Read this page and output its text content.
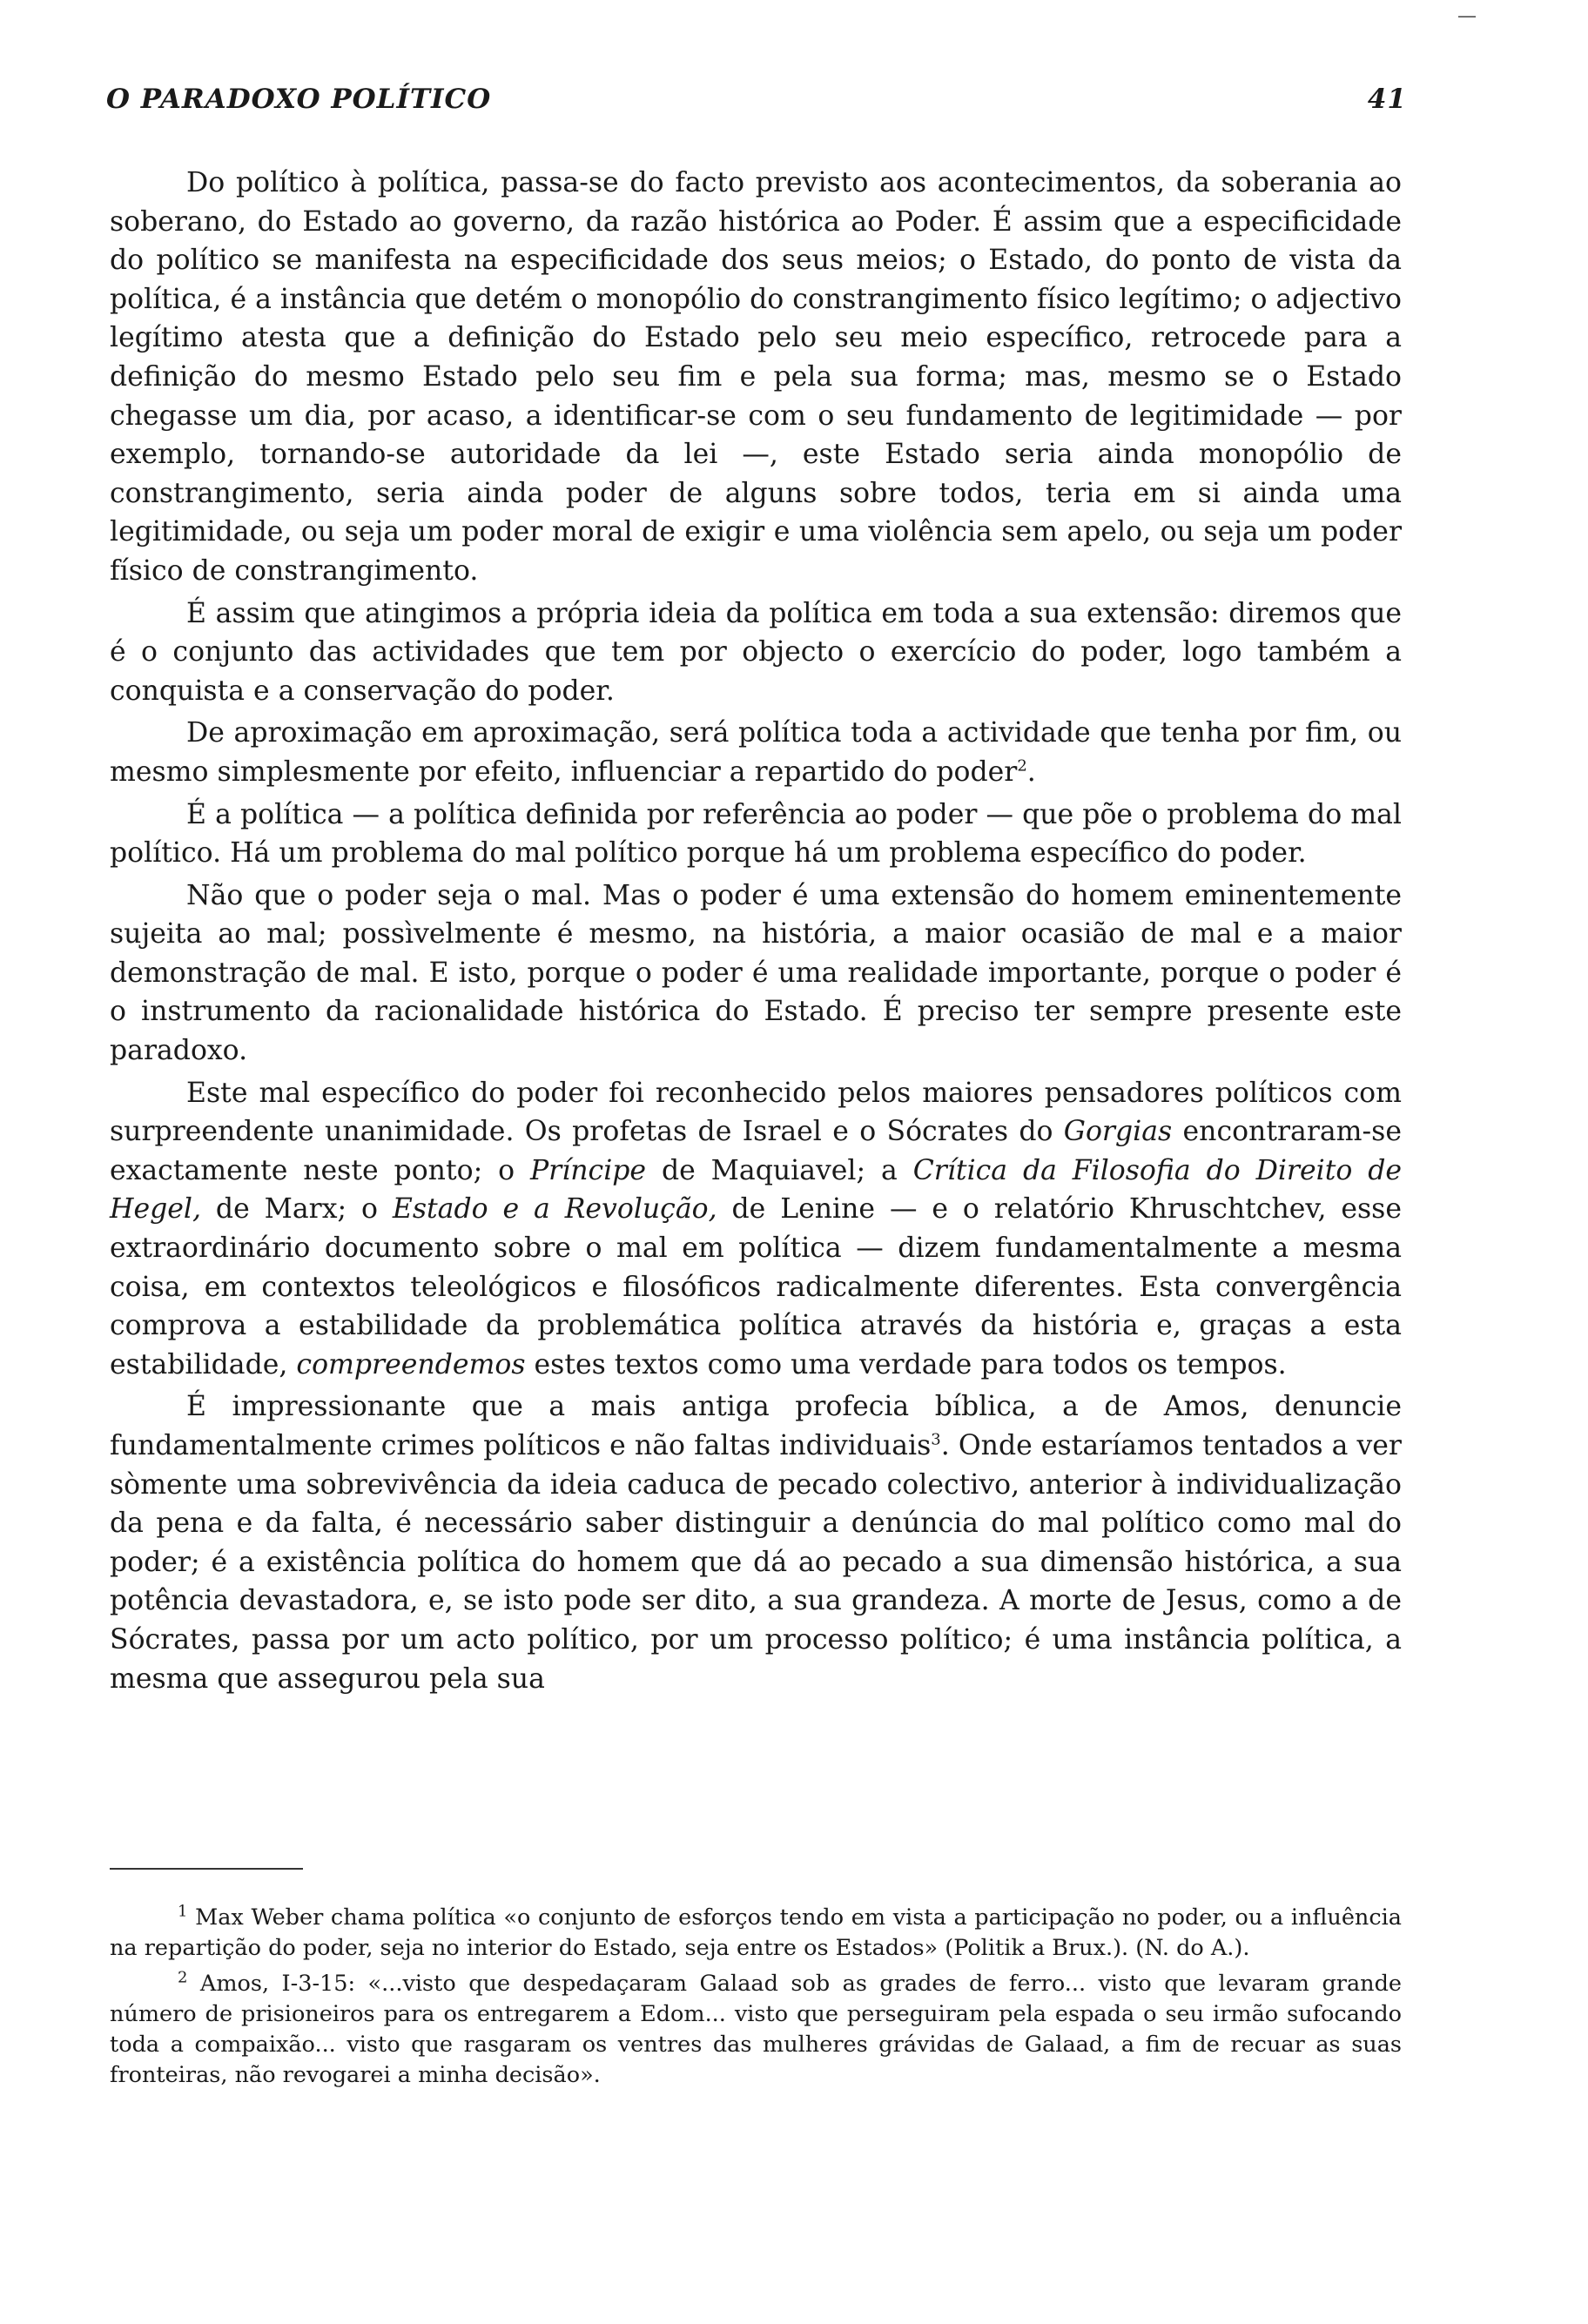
—
O PARADOXO POLÍTICO	41

Do político à política, passa-se do facto previsto aos acontecimentos, da soberania ao soberano, do Estado ao governo, da razão histórica ao Poder. É assim que a especificidade do político se manifesta na especificidade dos seus meios; o Estado, do ponto de vista da política, é a instância que detém o monopólio do constrangimento físico legítimo; o adjectivo legítimo atesta que a definição do Estado pelo seu meio específico, retrocede para a definição do mesmo Estado pelo seu fim e pela sua forma; mas, mesmo se o Estado chegasse um dia, por acaso, a identificar-se com o seu fundamento de legitimidade — por exemplo, tornando-se autoridade da lei —, este Estado seria ainda monopólio de constrangimento, seria ainda poder de alguns sobre todos, teria em si ainda uma legitimidade, ou seja um poder moral de exigir e uma violência sem apelo, ou seja um poder físico de constrangimento.

É assim que atingimos a própria ideia da política em toda a sua extensão: diremos que é o conjunto das actividades que tem por objecto o exercício do poder, logo também a conquista e a conservação do poder.

De aproximação em aproximação, será política toda a actividade que tenha por fim, ou mesmo simplesmente por efeito, influenciar a repartido do poder$^2$.

É a política — a política definida por referência ao poder — que põe o problema do mal político. Há um problema do mal político porque há um problema específico do poder.

Não que o poder seja o mal. Mas o poder é uma extensão do homem eminentemente sujeita ao mal; possìvelmente é mesmo, na história, a maior ocasião de mal e a maior demonstração de mal. E isto, porque o poder é uma realidade importante, porque o poder é o instrumento da racionalidade histórica do Estado. É preciso ter sempre presente este paradoxo.

Este mal específico do poder foi reconhecido pelos maiores pensadores políticos com surpreendente unanimidade. Os profetas de Israel e o Sócrates do Gorgias encontraram-se exactamente neste ponto; o Príncipe de Maquiavel; a Crítica da Filosofia do Direito de Hegel, de Marx; o Estado e a Revolução, de Lenine — e o relatório Khruschtchev, esse extraordinário documento sobre o mal em política — dizem fundamentalmente a mesma coisa, em contextos teleológicos e filosóficos radicalmente diferentes. Esta convergência comprova a estabilidade da problemática política através da história e, graças a esta estabilidade, compreendemos estes textos como uma verdade para todos os tempos.

É impressionante que a mais antiga profecia bíblica, a de Amos, denuncie fundamentalmente crimes políticos e não faltas individuais$^3$. Onde estaríamos tentados a ver sòmente uma sobrevivência da ideia caduca de pecado colectivo, anterior à individualização da pena e da falta, é necessário saber distinguir a denúncia do mal político como mal do poder; é a existência política do homem que dá ao pecado a sua dimensão histórica, a sua potência devastadora, e, se isto pode ser dito, a sua grandeza. A morte de Jesus, como a de Sócrates, passa por um acto político, por um processo político; é uma instância política, a mesma que assegurou pela sua

$^1$ Max Weber chama política «o conjunto de esforços tendo em vista a participação no poder, ou a influência na repartição do poder, seja no interior do Estado, seja entre os Estados» (Politik a Brux.). (N. do A.).

$^2$ Amos, I-3-15: «...visto que despedaçaram Galaad sob as grades de ferro... visto que levaram grande número de prisioneiros para os entregarem a Edom... visto que perseguiram pela espada o seu irmão sufocando toda a compaixão... visto que rasgaram os ventres das mulheres grávidas de Galaad, a fim de recuar as suas fronteiras, não revogarei a minha decisão».
